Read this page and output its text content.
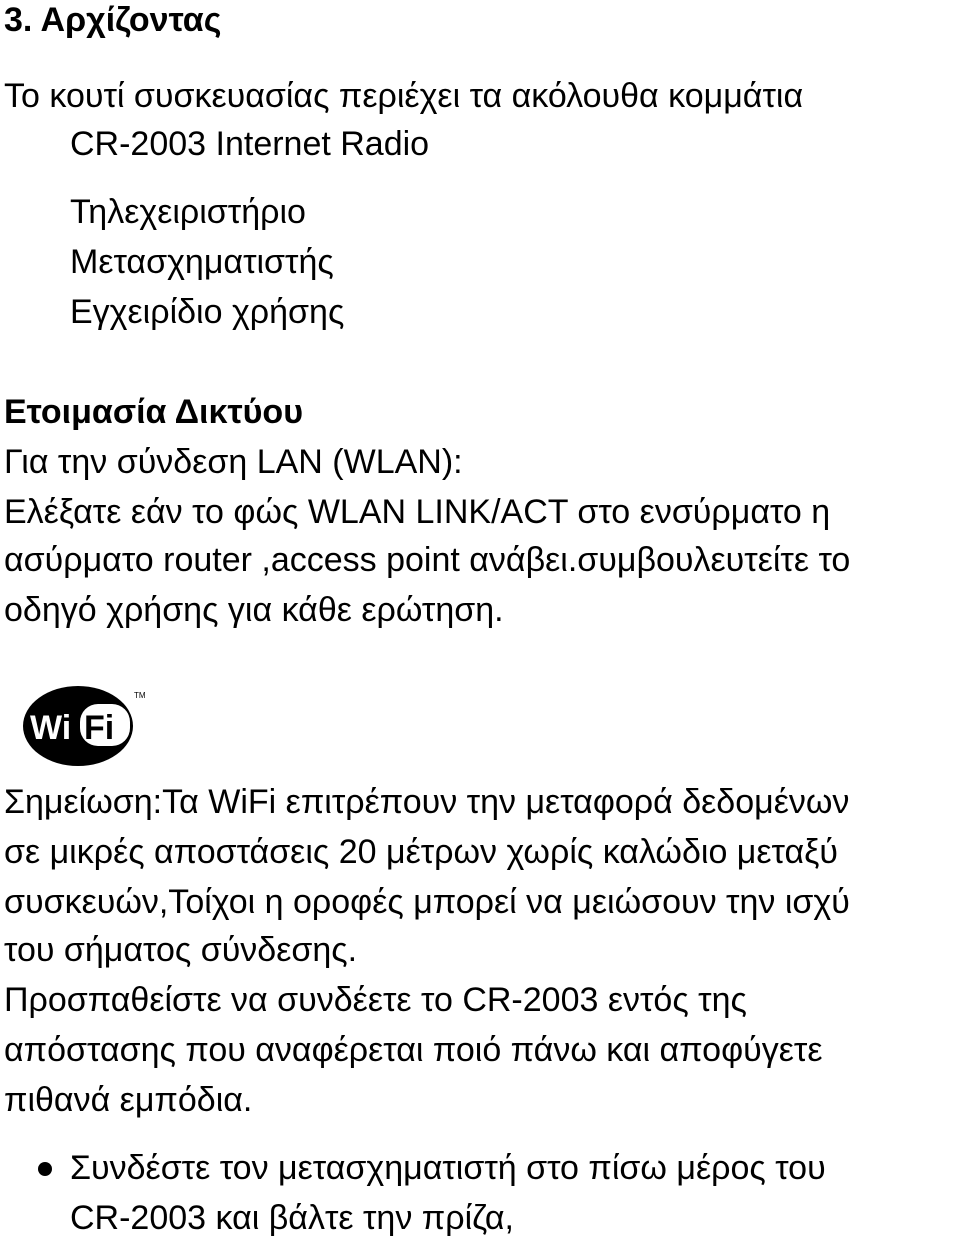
3. Αρχίζοντας

Το κουτί συσκευασίας περιέχει τα ακόλουθα κομμάτια

CR-2003 Internet Radio

Τηλεχειριστήριο

Μετασχηματιστής

Εγχειρίδιο χρήσης

Ετοιμασία Δικτύου

Για την σύνδεση LAN (WLAN):

Ελέξατε εάν το φώς WLAN LINK/ACT στο ενσύρματο η

ασύρματο router ,access point ανάβει.συμβουλευτείτε το

οδηγό χρήσης για κάθε ερώτηση.

Wi Fi
TM

Σημείωση:Τα WiFi επιτρέπουν την μεταφορά δεδομένων

σε μικρές αποστάσεις 20 μέτρων χωρίς καλώδιο μεταξύ

συσκευών,Τοίχοι η οροφές μπορεί να μειώσουν την ισχύ

του σήματος σύνδεσης.

Προσπαθείστε να συνδέετε το CR-2003 εντός της

απόστασης που αναφέρεται ποιό πάνω και αποφύγετε

πιθανά εμπόδια.

Συνδέστε τον μετασχηματιστή στο πίσω μέρος του

CR-2003 και βάλτε την πρίζα,
